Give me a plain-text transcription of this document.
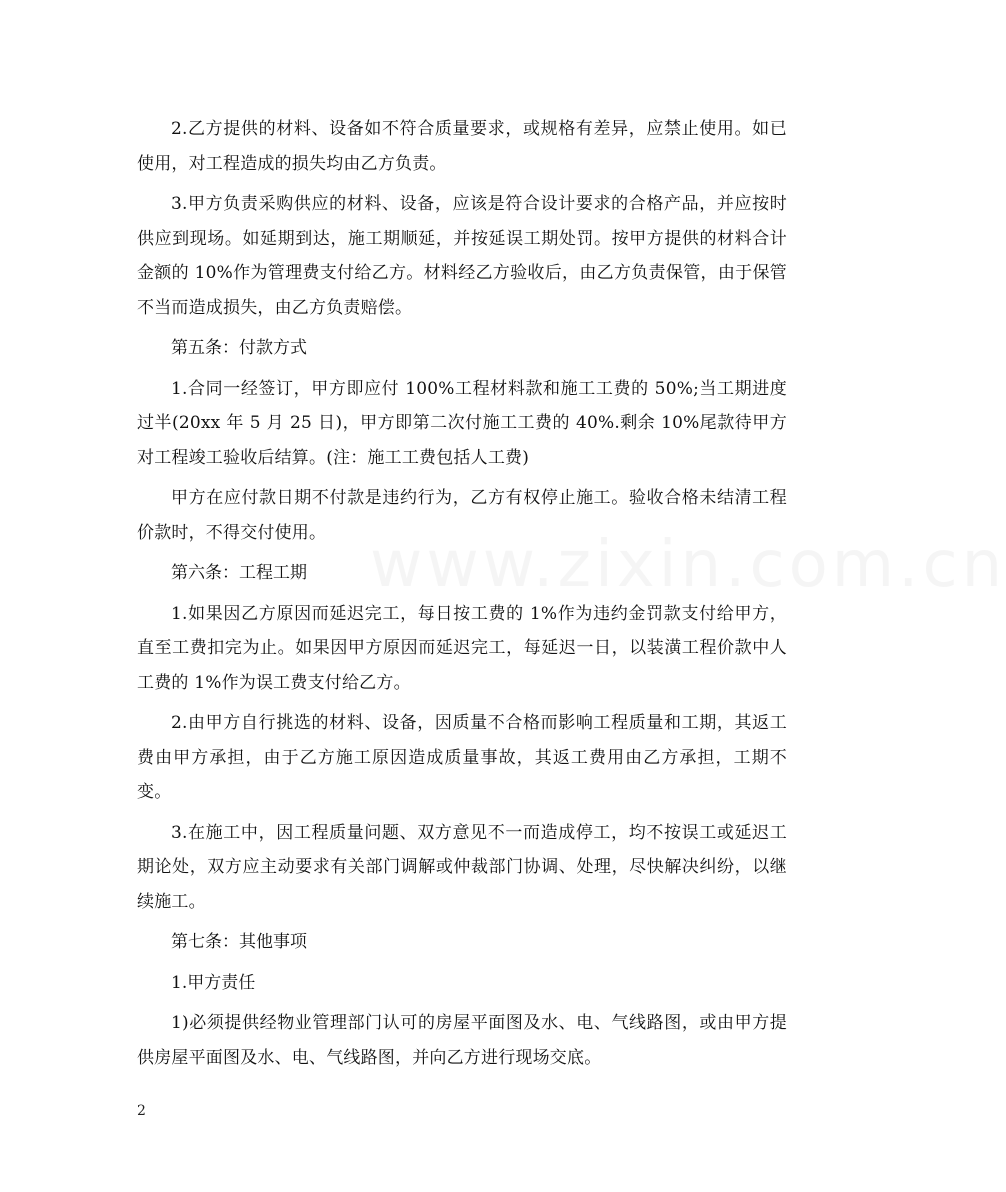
www.zixin.com.cn

2.乙方提供的材料、设备如不符合质量要求，或规格有差异，应禁止使用。如已使用，对工程造成的损失均由乙方负责。

3.甲方负责采购供应的材料、设备，应该是符合设计要求的合格产品，并应按时供应到现场。如延期到达，施工期顺延，并按延误工期处罚。按甲方提供的材料合计金额的 10%作为管理费支付给乙方。材料经乙方验收后，由乙方负责保管，由于保管不当而造成损失，由乙方负责赔偿。

第五条：付款方式

1.合同一经签订，甲方即应付 100%工程材料款和施工工费的 50%;当工期进度过半(20xx 年 5 月 25 日)，甲方即第二次付施工工费的 40%.剩余 10%尾款待甲方对工程竣工验收后结算。(注：施工工费包括人工费)

甲方在应付款日期不付款是违约行为，乙方有权停止施工。验收合格未结清工程价款时，不得交付使用。

第六条：工程工期

1.如果因乙方原因而延迟完工，每日按工费的 1%作为违约金罚款支付给甲方，直至工费扣完为止。如果因甲方原因而延迟完工，每延迟一日，以装潢工程价款中人工费的 1%作为误工费支付给乙方。

2.由甲方自行挑选的材料、设备，因质量不合格而影响工程质量和工期，其返工费由甲方承担，由于乙方施工原因造成质量事故，其返工费用由乙方承担，工期不变。

3.在施工中，因工程质量问题、双方意见不一而造成停工，均不按误工或延迟工期论处，双方应主动要求有关部门调解或仲裁部门协调、处理，尽快解决纠纷，以继续施工。

第七条：其他事项

1.甲方责任

1)必须提供经物业管理部门认可的房屋平面图及水、电、气线路图，或由甲方提供房屋平面图及水、电、气线路图，并向乙方进行现场交底。

2
